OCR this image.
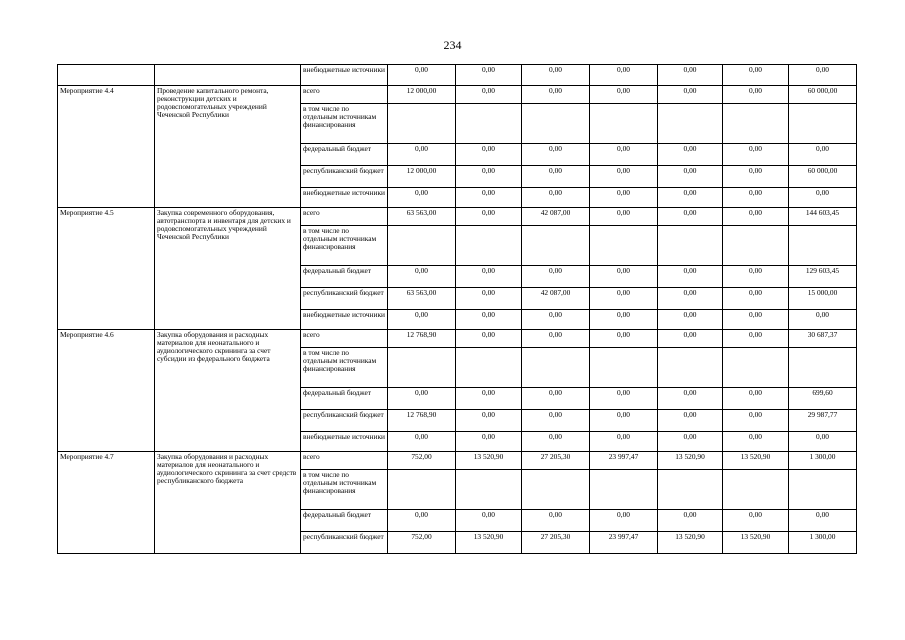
234
		внебюджетные источники	0,00	0,00	0,00	0,00	0,00	0,00	0,00
Мероприятие 4.4	Проведение капитального ремонта, реконструкции детских и родовспомогательных учреждений Чеченской Республики	всего	12 000,00	0,00	0,00	0,00	0,00	0,00	60 000,00
		в том числе по отдельным источникам финансирования							
		федеральный бюджет	0,00	0,00	0,00	0,00	0,00	0,00	0,00
		республиканский бюджет	12 000,00	0,00	0,00	0,00	0,00	0,00	60 000,00
		внебюджетные источники	0,00	0,00	0,00	0,00	0,00	0,00	0,00
Мероприятие 4.5	Закупка современного оборудования, автотранспорта и инвентаря для детских и родовспомогательных учреждений Чеченской Республики	всего	63 563,00	0,00	42 087,00	0,00	0,00	0,00	144 603,45
		в том числе по отдельным источникам финансирования							
		федеральный бюджет	0,00	0,00	0,00	0,00	0,00	0,00	129 603,45
		республиканский бюджет	63 563,00	0,00	42 087,00	0,00	0,00	0,00	15 000,00
		внебюджетные источники	0,00	0,00	0,00	0,00	0,00	0,00	0,00
Мероприятие 4.6	Закупка оборудования и расходных материалов для неонатального и аудиологического скрининга за счет субсидии из федерального бюджета	всего	12 768,90	0,00	0,00	0,00	0,00	0,00	30 687,37
		в том числе по отдельным источникам финансирования							
		федеральный бюджет	0,00	0,00	0,00	0,00	0,00	0,00	699,60
		республиканский бюджет	12 768,90	0,00	0,00	0,00	0,00	0,00	29 987,77
		внебюджетные источники	0,00	0,00	0,00	0,00	0,00	0,00	0,00
Мероприятие 4.7	Закупка оборудования и расходных материалов для неонатального и аудиологического скрининга за счет средств республиканского бюджета	всего	752,00	13 520,90	27 205,30	23 997,47	13 520,90	13 520,90	1 300,00
		в том числе по отдельным источникам финансирования							
		федеральный бюджет	0,00	0,00	0,00	0,00	0,00	0,00	0,00
		республиканский бюджет	752,00	13 520,90	27 205,30	23 997,47	13 520,90	13 520,90	1 300,00
